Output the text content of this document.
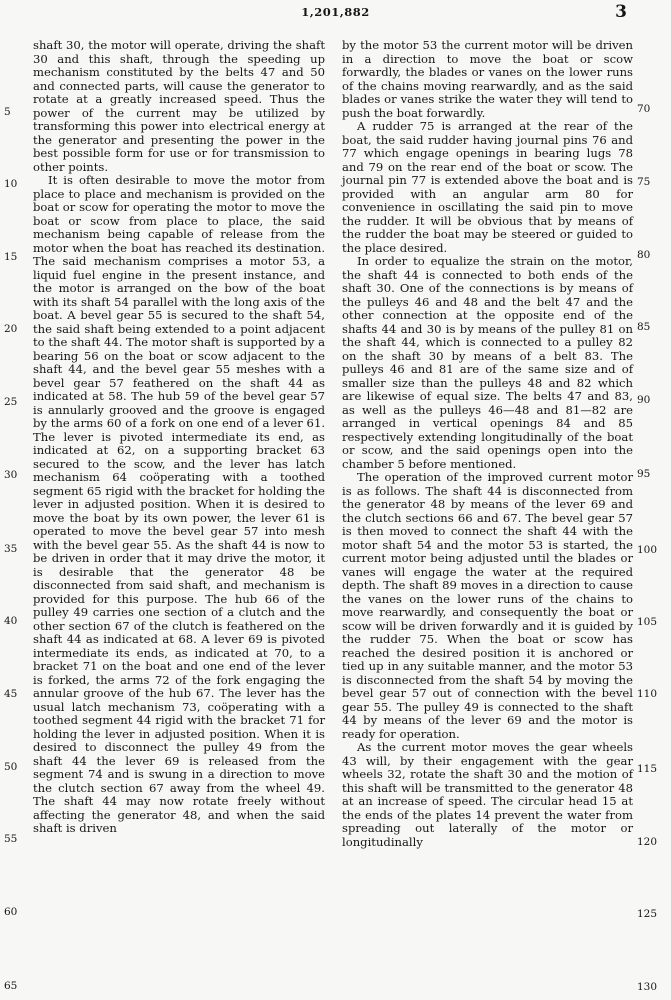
1,201,882	3

shaft 30, the motor will operate, driving the shaft 30 and this shaft, through the speeding up mechanism constituted by the belts 47 and 50 and connected parts, will cause the generator to rotate at a greatly increased speed. Thus the power of the current may be utilized by transforming this power into electrical energy at the generator and presenting the power in the best possible form for use or for transmission to other points.

It is often desirable to move the motor from place to place and mechanism is provided on the boat or scow for operating the motor to move the boat or scow from place to place, the said mechanism being capable of release from the motor when the boat has reached its destination. The said mechanism comprises a motor 53, a liquid fuel engine in the present instance, and the motor is arranged on the bow of the boat with its shaft 54 parallel with the long axis of the boat. A bevel gear 55 is secured to the shaft 54, the said shaft being extended to a point adjacent to the shaft 44. The motor shaft is supported by a bearing 56 on the boat or scow adjacent to the shaft 44, and the bevel gear 55 meshes with a bevel gear 57 feathered on the shaft 44 as indicated at 58. The hub 59 of the bevel gear 57 is annularly grooved and the groove is engaged by the arms 60 of a fork on one end of a lever 61. The lever is pivoted intermediate its end, as indicated at 62, on a supporting bracket 63 secured to the scow, and the lever has latch mechanism 64 coöperating with a toothed segment 65 rigid with the bracket for holding the lever in adjusted position. When it is desired to move the boat by its own power, the lever 61 is operated to move the bevel gear 57 into mesh with the bevel gear 55. As the shaft 44 is now to be driven in order that it may drive the motor, it is desirable that the generator 48 be disconnected from said shaft, and mechanism is provided for this purpose. The hub 66 of the pulley 49 carries one section of a clutch and the other section 67 of the clutch is feathered on the shaft 44 as indicated at 68. A lever 69 is pivoted intermediate its ends, as indicated at 70, to a bracket 71 on the boat and one end of the lever is forked, the arms 72 of the fork engaging the annular groove of the hub 67. The lever has the usual latch mechanism 73, coöperating with a toothed segment 44 rigid with the bracket 71 for holding the lever in adjusted position. When it is desired to disconnect the pulley 49 from the shaft 44 the lever 69 is released from the segment 74 and is swung in a direction to move the clutch section 67 away from the wheel 49. The shaft 44 may now rotate freely without affecting the generator 48, and when the said shaft is driven

by the motor 53 the current motor will be driven in a direction to move the boat or scow forwardly, the blades or vanes on the lower runs of the chains moving rearwardly, and as the said blades or vanes strike the water they will tend to push the boat forwardly.

A rudder 75 is arranged at the rear of the boat, the said rudder having journal pins 76 and 77 which engage openings in bearing lugs 78 and 79 on the rear end of the boat or scow. The journal pin 77 is extended above the boat and is provided with an angular arm 80 for convenience in oscillating the said pin to move the rudder. It will be obvious that by means of the rudder the boat may be steered or guided to the place desired.

In order to equalize the strain on the motor, the shaft 44 is connected to both ends of the shaft 30. One of the connections is by means of the pulleys 46 and 48 and the belt 47 and the other connection at the opposite end of the shafts 44 and 30 is by means of the pulley 81 on the shaft 44, which is connected to a pulley 82 on the shaft 30 by means of a belt 83. The pulleys 46 and 81 are of the same size and of smaller size than the pulleys 48 and 82 which are likewise of equal size. The belts 47 and 83, as well as the pulleys 46—48 and 81—82 are arranged in vertical openings 84 and 85 respectively extending longitudinally of the boat or scow, and the said openings open into the chamber 5 before mentioned.

The operation of the improved current motor is as follows. The shaft 44 is disconnected from the generator 48 by means of the lever 69 and the clutch sections 66 and 67. The bevel gear 57 is then moved to connect the shaft 44 with the motor shaft 54 and the motor 53 is started, the current motor being adjusted until the blades or vanes will engage the water at the required depth. The shaft 89 moves in a direction to cause the vanes on the lower runs of the chains to move rearwardly, and consequently the boat or scow will be driven forwardly and it is guided by the rudder 75. When the boat or scow has reached the desired position it is anchored or tied up in any suitable manner, and the motor 53 is disconnected from the shaft 54 by moving the bevel gear 57 out of connection with the bevel gear 55. The pulley 49 is connected to the shaft 44 by means of the lever 69 and the motor is ready for operation.

As the current motor moves the gear wheels 43 will, by their engagement with the gear wheels 32, rotate the shaft 30 and the motion of this shaft will be transmitted to the generator 48 at an increase of speed. The circular head 15 at the ends of the plates 14 prevent the water from spreading out laterally of the motor or longitudinally

5
10
15
20
25
30
35
40
45
50
55
60
65
70
75
80
85
90
95
100
105
110
115
120
125
130
